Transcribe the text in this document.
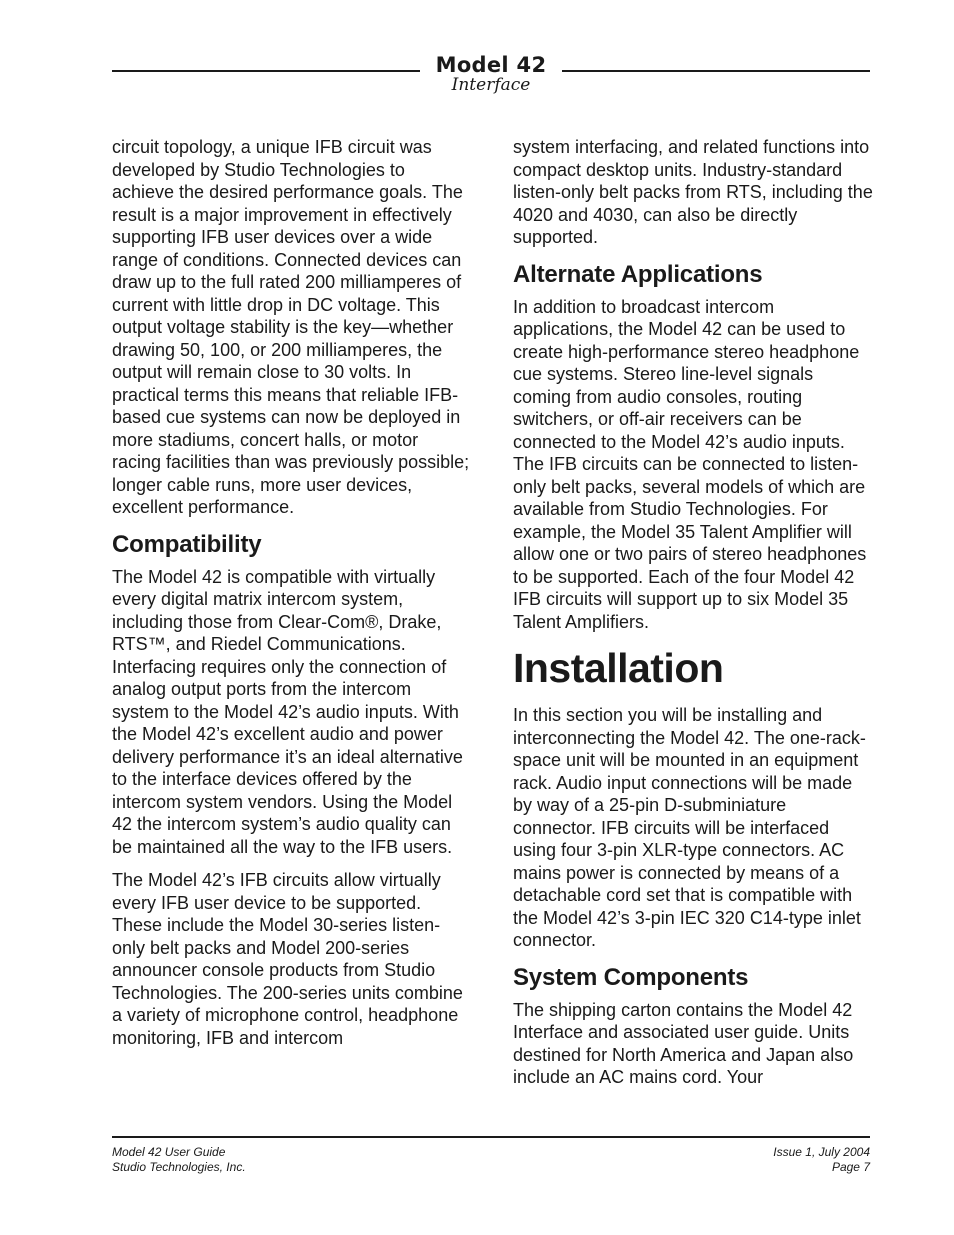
Model 42
Interface

circuit topology, a unique IFB circuit was developed by Studio Technologies to achieve the desired performance goals. The result is a major improvement in effectively supporting IFB user devices over a wide range of conditions. Connected devices can draw up to the full rated 200 milliamperes of current with little drop in DC voltage. This output voltage stability is the key—whether drawing 50, 100, or 200 milliamperes, the output will remain close to 30 volts. In practical terms this means that reliable IFB-based cue systems can now be deployed in more stadiums, concert halls, or motor racing facilities than was previously possible; longer cable runs, more user devices, excellent performance.

Compatibility

The Model 42 is compatible with virtually every digital matrix intercom system, including those from Clear-Com®, Drake, RTS™, and Riedel Communications. Interfacing requires only the connection of analog output ports from the intercom system to the Model 42’s audio inputs. With the Model 42’s excellent audio and power delivery performance it’s an ideal alternative to the interface devices offered by the intercom system vendors. Using the Model 42 the intercom system’s audio quality can be maintained all the way to the IFB users.

The Model 42’s IFB circuits allow virtually every IFB user device to be supported. These include the Model 30-series listen-only belt packs and Model 200-series announcer console products from Studio Technologies. The 200-series units combine a variety of microphone control, headphone monitoring, IFB and intercom

system interfacing, and related functions into compact desktop units. Industry-standard listen-only belt packs from RTS, including the 4020 and 4030, can also be directly supported.

Alternate Applications

In addition to broadcast intercom applications, the Model 42 can be used to create high-performance stereo headphone cue systems. Stereo line-level signals coming from audio consoles, routing switchers, or off-air receivers can be connected to the Model 42’s audio inputs. The IFB circuits can be connected to listen-only belt packs, several models of which are available from Studio Technologies. For example, the Model 35 Talent Amplifier will allow one or two pairs of stereo headphones to be supported. Each of the four Model 42 IFB circuits will support up to six Model 35 Talent Amplifiers.

Installation

In this section you will be installing and interconnecting the Model 42. The one-rack-space unit will be mounted in an equipment rack. Audio input connections will be made by way of a 25-pin D-subminiature connector. IFB circuits will be interfaced using four 3-pin XLR-type connectors. AC mains power is connected by means of a detachable cord set that is compatible with the Model 42’s 3-pin IEC 320 C14-type inlet connector.

System Components

The shipping carton contains the Model 42 Interface and associated user guide. Units destined for North America and Japan also include an AC mains cord. Your

Model 42 User Guide
Studio Technologies, Inc.
Issue 1, July 2004
Page 7
